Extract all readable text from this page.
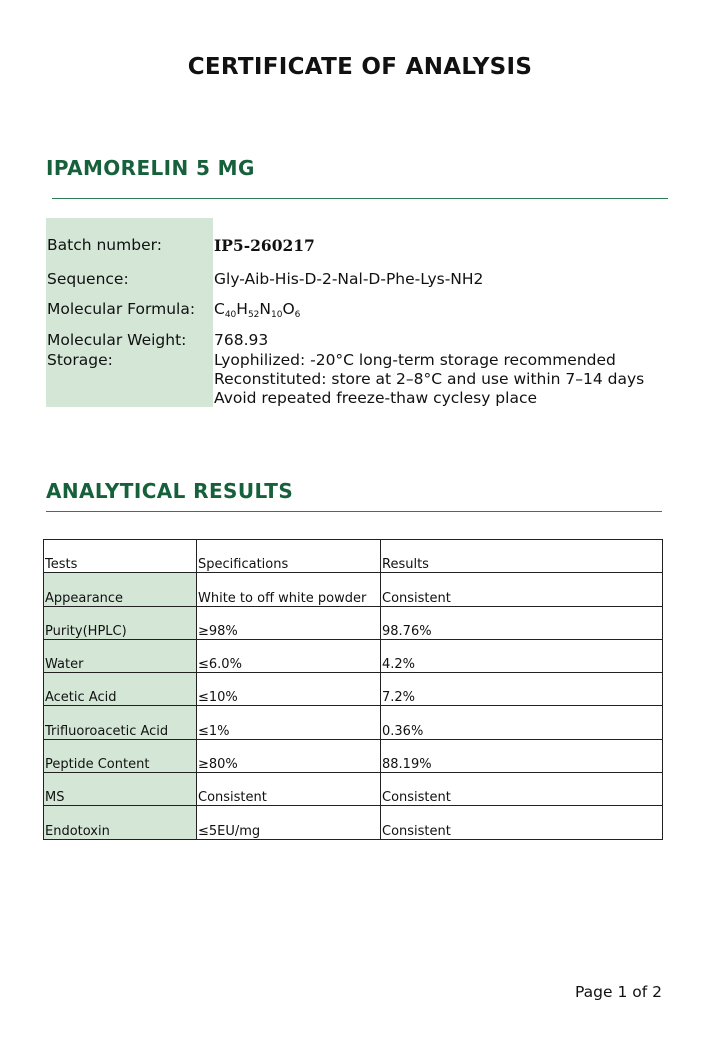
CERTIFICATE OF ANALYSIS
IPAMORELIN 5 MG
Batch number:	IP5-260217
Sequence:	Gly-Aib-His-D-2-Nal-D-Phe-Lys-NH2
Molecular Formula: $C_{40}H_{52}N_{10}O_6$
Molecular Weight: 768.93
Storage:	Lyophilized: -20°C long-term storage recommended
Reconstituted: store at 2–8°C and use within 7–14 days
Avoid repeated freeze-thaw cyclesy place
ANALYTICAL RESULTS
Tests	Specifications	Results
Appearance	White to off white powder	Consistent
Purity(HPLC)	≥98%	98.76%
Water	≤6.0%	4.2%
Acetic Acid	≤10%	7.2%
Trifluoroacetic Acid	≤1%	0.36%
Peptide Content	≥80%	88.19%
MS	Consistent	Consistent
Endotoxin	≤5EU/mg	Consistent
Page 1 of 2
